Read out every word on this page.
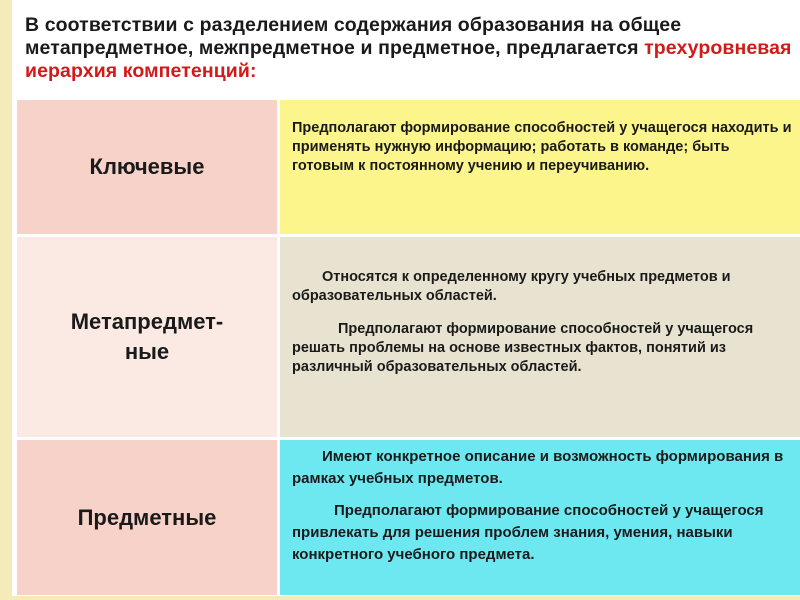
В соответствии с разделением содержания образования на общее метапредметное, межпредметное и предметное, предлагается трехуровневая иерархия компетенций:
Ключевые
Предполагают формирование способностей у учащегося находить и применять нужную информацию; работать в команде; быть готовым к постоянному учению и переучиванию.
Метапредмет-ные
Относятся к определенному кругу учебных предметов и образовательных областей.
Предполагают формирование способностей у учащегося решать проблемы на основе известных фактов, понятий из различный образовательных областей.
Предметные
Имеют конкретное описание и возможность формирования в рамках учебных предметов.
Предполагают формирование способностей у учащегося привлекать для решения проблем знания, умения, навыки конкретного учебного предмета.
